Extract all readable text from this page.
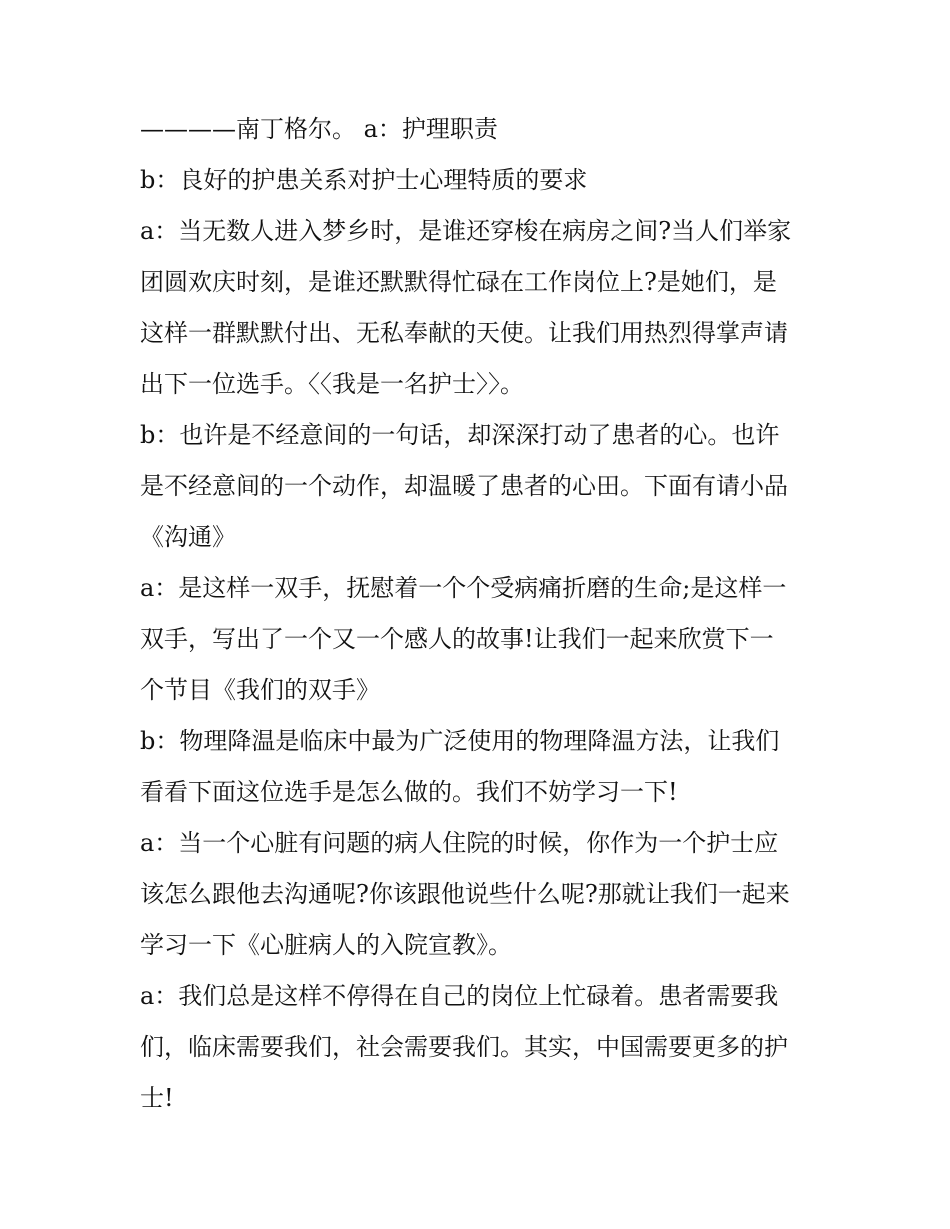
————南丁格尔。 a：护理职责
b：良好的护患关系对护士心理特质的要求
a：当无数人进入梦乡时，是谁还穿梭在病房之间?当人们举家
团圆欢庆时刻，是谁还默默得忙碌在工作岗位上?是她们，是
这样一群默默付出、无私奉献的天使。让我们用热烈得掌声请
出下一位选手。〈〈我是一名护士〉〉。
b：也许是不经意间的一句话，却深深打动了患者的心。也许
是不经意间的一个动作，却温暖了患者的心田。下面有请小品
《沟通》
a：是这样一双手，抚慰着一个个受病痛折磨的生命;是这样一
双手，写出了一个又一个感人的故事!让我们一起来欣赏下一
个节目《我们的双手》
b：物理降温是临床中最为广泛使用的物理降温方法，让我们
看看下面这位选手是怎么做的。我们不妨学习一下!
a：当一个心脏有问题的病人住院的时候，你作为一个护士应
该怎么跟他去沟通呢?你该跟他说些什么呢?那就让我们一起来
学习一下《心脏病人的入院宣教》。
a：我们总是这样不停得在自己的岗位上忙碌着。患者需要我
们，临床需要我们，社会需要我们。其实，中国需要更多的护
士!
